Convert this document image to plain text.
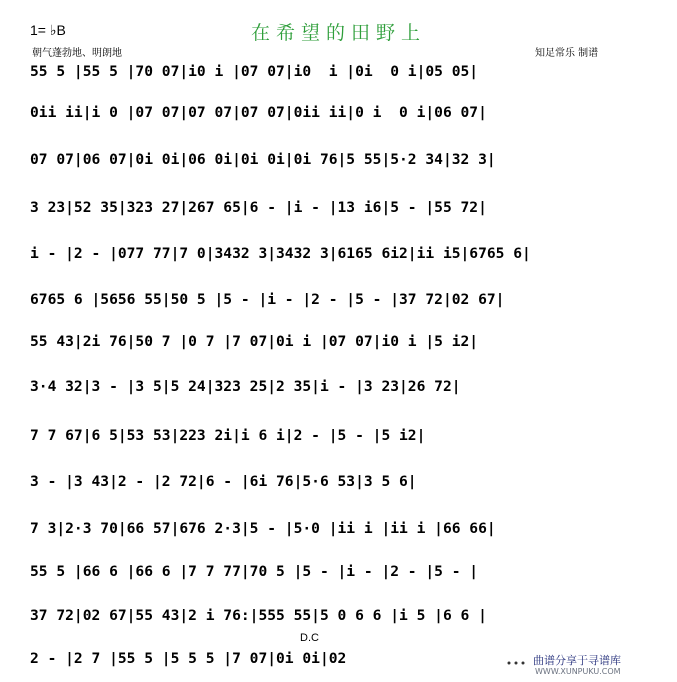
1= ♭B	在希望的田野上
朝气蓬勃地、明朗地	知足常乐 制谱
55 5 |55 5 |70 07|i0 i |07 07|i0  i |0i  0 i|05 05|
0ii ii|i 0 |07 07|07 07|07 07|0ii ii|0 i  0 i|06 07|
07 07|06 07|0i 0i|06 0i|0i 0i|0i 76|5 55|5·2 34|32 3|
3 23|52 35|323 27|267 65|6 - |i - |13 i6|5 - |55 72|
i - |2 - |077 77|7 0|3432 3|3432 3|6165 6i2|ii i5|6765 6|
6765 6 |5656 55|50 5 |5 - |i - |2 - |5 - |37 72|02 67|
55 43|2i 76|50 7 |0 7 |7 07|0i i |07 07|i0 i |5 i2|
3·4 32|3 - |3 5|5 24|323 25|2 35|i - |3 23|26 72|
7 7 67|6 5|53 53|223 2i|i 6 i|2 - |5 - |5 i2|
3 - |3 43|2 - |2 72|6 - |6i 76|5·6 53|3 5 6|
7 3|2·3 70|66 57|676 2·3|5 - |5·0 |ii i |ii i |66 66|
55 5 |66 6 |66 6 |7 7 77|70 5 |5 - |i - |2 - |5 - |
37 72|02 67|55 43|2 i 76:|555 55|5 0 6 6 |i 5 |6 6 |
2 - |2 7 |55 5 |5 5 5 |7 07|0i 0i|02
D.C
曲谱分享于寻谱库
WWW.XUNPUKU.COM
